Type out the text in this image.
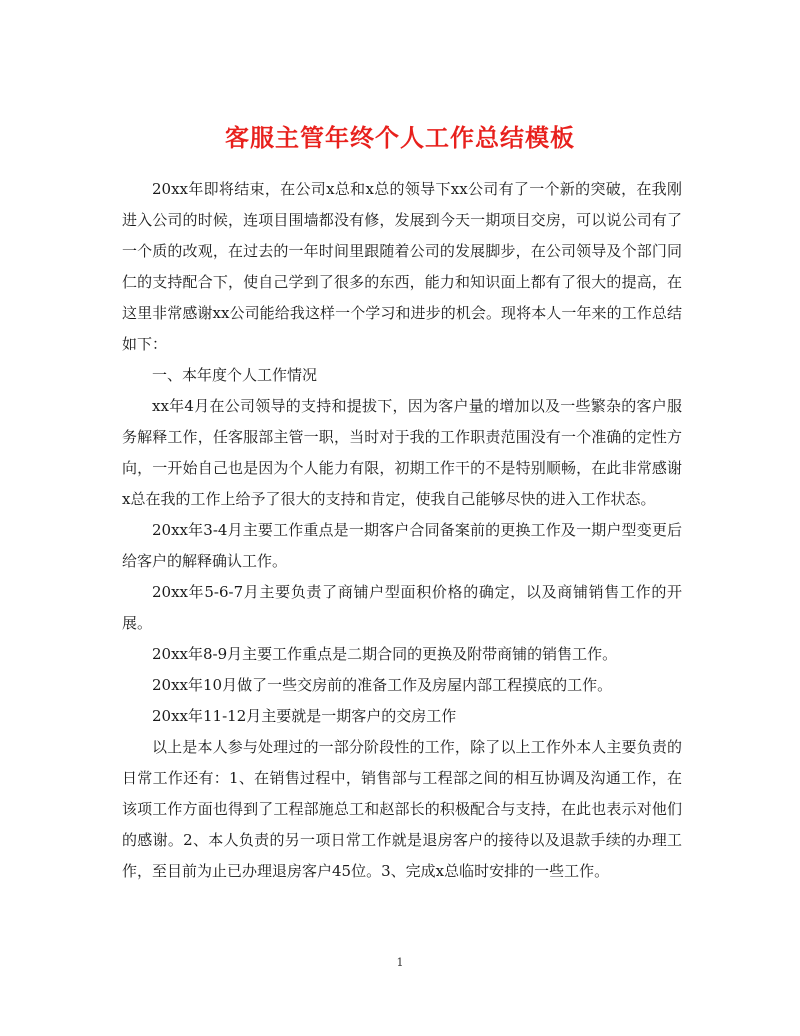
客服主管年终个人工作总结模板

20xx年即将结束，在公司x总和x总的领导下xx公司有了一个新的突破，在我刚进入公司的时候，连项目围墙都没有修，发展到今天一期项目交房，可以说公司有了一个质的改观，在过去的一年时间里跟随着公司的发展脚步，在公司领导及个部门同仁的支持配合下，使自己学到了很多的东西，能力和知识面上都有了很大的提高，在这里非常感谢xx公司能给我这样一个学习和进步的机会。现将本人一年来的工作总结如下：

一、本年度个人工作情况

xx年4月在公司领导的支持和提拔下，因为客户量的增加以及一些繁杂的客户服务解释工作，任客服部主管一职，当时对于我的工作职责范围没有一个准确的定性方向，一开始自己也是因为个人能力有限，初期工作干的不是特别顺畅，在此非常感谢x总在我的工作上给予了很大的支持和肯定，使我自己能够尽快的进入工作状态。

20xx年3-4月主要工作重点是一期客户合同备案前的更换工作及一期户型变更后给客户的解释确认工作。

20xx年5-6-7月主要负责了商铺户型面积价格的确定，以及商铺销售工作的开展。

20xx年8-9月主要工作重点是二期合同的更换及附带商铺的销售工作。

20xx年10月做了一些交房前的准备工作及房屋内部工程摸底的工作。

20xx年11-12月主要就是一期客户的交房工作

以上是本人参与处理过的一部分阶段性的工作，除了以上工作外本人主要负责的日常工作还有：1、在销售过程中，销售部与工程部之间的相互协调及沟通工作，在该项工作方面也得到了工程部施总工和赵部长的积极配合与支持，在此也表示对他们的感谢。2、本人负责的另一项日常工作就是退房客户的接待以及退款手续的办理工作，至目前为止已办理退房客户45位。3、完成x总临时安排的一些工作。

1
